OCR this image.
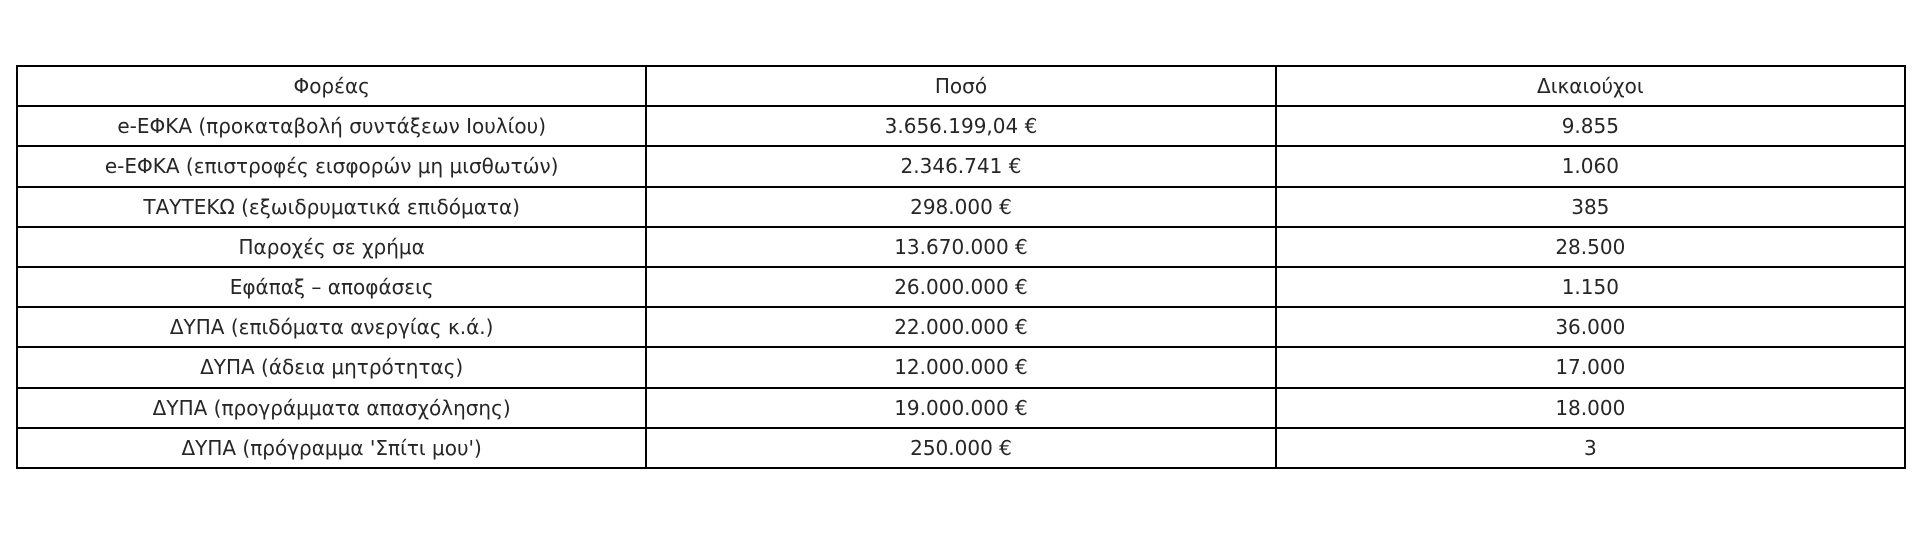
Φορέας	Ποσό	Δικαιούχοι
e-ΕΦΚΑ (προκαταβολή συντάξεων Ιουλίου)	3.656.199,04 €	9.855
e-ΕΦΚΑ (επιστροφές εισφορών μη μισθωτών)	2.346.741 €	1.060
ΤΑΥΤΕΚΩ (εξωιδρυματικά επιδόματα)	298.000 €	385
Παροχές σε χρήμα	13.670.000 €	28.500
Εφάπαξ – αποφάσεις	26.000.000 €	1.150
ΔΥΠΑ (επιδόματα ανεργίας κ.ά.)	22.000.000 €	36.000
ΔΥΠΑ (άδεια μητρότητας)	12.000.000 €	17.000
ΔΥΠΑ (προγράμματα απασχόλησης)	19.000.000 €	18.000
ΔΥΠΑ (πρόγραμμα 'Σπίτι μου')	250.000 €	3
